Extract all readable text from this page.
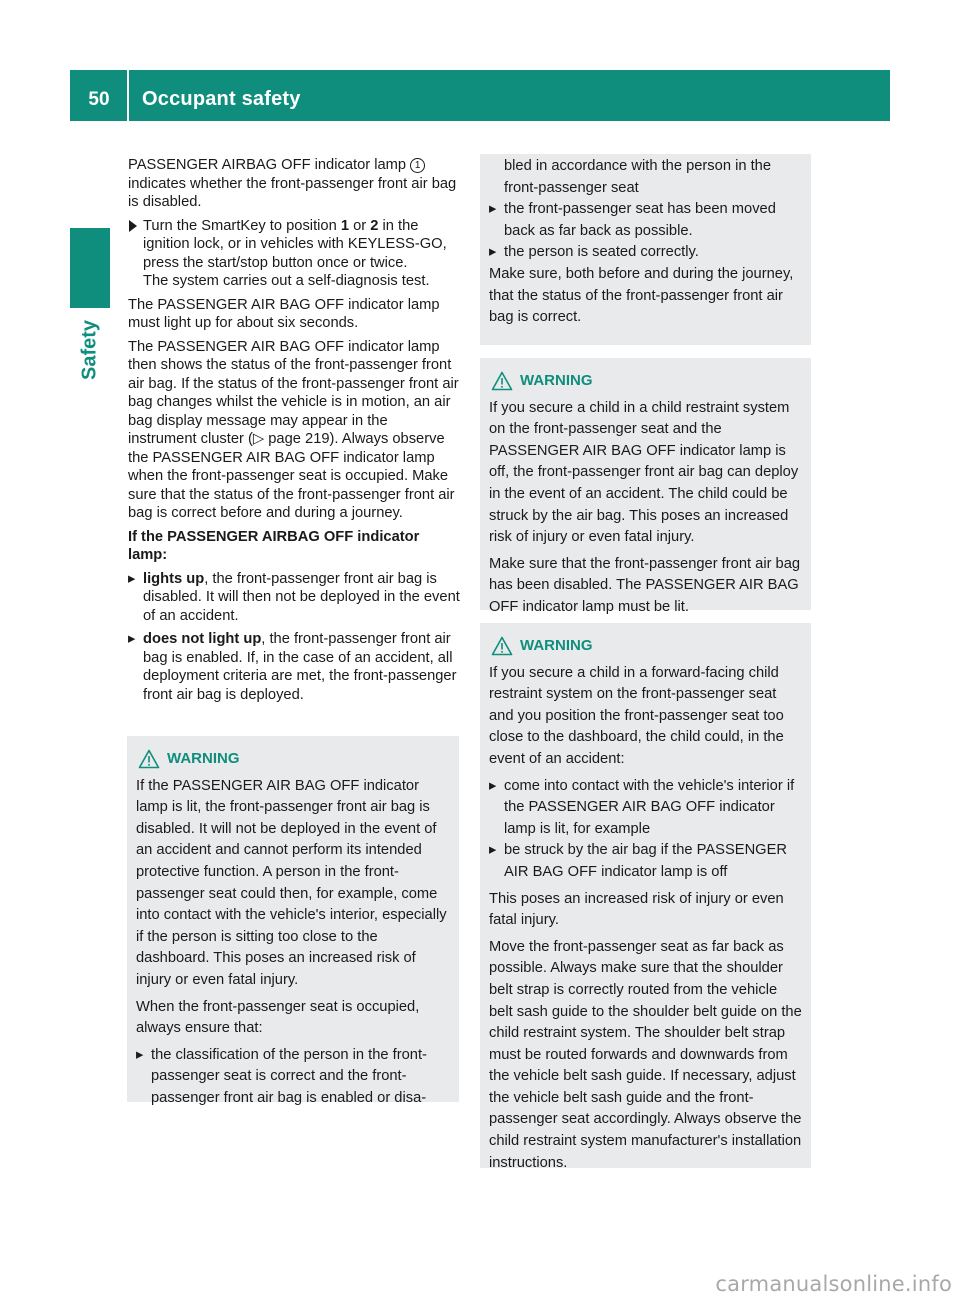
50	Occupant safety
Safety

PASSENGER AIRBAG OFF indicator lamp 1 indicates whether the front-passenger front air bag is disabled.

Turn the SmartKey to position 1 or 2 in the ignition lock, or in vehicles with KEYLESS-GO, press the start/stop button once or twice.
The system carries out a self-diagnosis test.

The PASSENGER AIR BAG OFF indicator lamp must light up for about six seconds.

The PASSENGER AIR BAG OFF indicator lamp then shows the status of the front-passenger front air bag. If the status of the front-passenger front air bag changes whilst the vehicle is in motion, an air bag display message may appear in the instrument cluster (▷ page 219). Always observe the PASSENGER AIR BAG OFF indicator lamp when the front-passenger seat is occupied. Make sure that the status of the front-passenger front air bag is correct before and during a journey.

If the PASSENGER AIRBAG OFF indicator lamp:
▸ lights up, the front-passenger front air bag is disabled. It will then not be deployed in the event of an accident.
▸ does not light up, the front-passenger front air bag is enabled. If, in the case of an accident, all deployment criteria are met, the front-passenger front air bag is deployed.
WARNING

If the PASSENGER AIR BAG OFF indicator lamp is lit, the front-passenger front air bag is disabled. It will not be deployed in the event of an accident and cannot perform its intended protective function. A person in the front-passenger seat could then, for example, come into contact with the vehicle's interior, especially if the person is sitting too close to the dashboard. This poses an increased risk of injury or even fatal injury.

When the front-passenger seat is occupied, always ensure that:

▸ the classification of the person in the front-passenger seat is correct and the front-passenger front air bag is enabled or disa-
bled in accordance with the person in the front-passenger seat
▸ the front-passenger seat has been moved back as far back as possible.
▸ the person is seated correctly.

Make sure, both before and during the journey, that the status of the front-passenger front air bag is correct.

WARNING

If you secure a child in a child restraint system on the front-passenger seat and the PASSENGER AIR BAG OFF indicator lamp is off, the front-passenger front air bag can deploy in the event of an accident. The child could be struck by the air bag. This poses an increased risk of injury or even fatal injury.

Make sure that the front-passenger front air bag has been disabled. The PASSENGER AIR BAG OFF indicator lamp must be lit.

WARNING

If you secure a child in a forward-facing child restraint system on the front-passenger seat and you position the front-passenger seat too close to the dashboard, the child could, in the event of an accident:

▸ come into contact with the vehicle's interior if the PASSENGER AIR BAG OFF indicator lamp is lit, for example
▸ be struck by the air bag if the PASSENGER AIR BAG OFF indicator lamp is off

This poses an increased risk of injury or even fatal injury.

Move the front-passenger seat as far back as possible. Always make sure that the shoulder belt strap is correctly routed from the vehicle belt sash guide to the shoulder belt guide on the child restraint system. The shoulder belt strap must be routed forwards and downwards from the vehicle belt sash guide. If necessary, adjust the vehicle belt sash guide and the front-passenger seat accordingly. Always observe the child restraint system manufacturer's installation instructions.

carmanualsonline.info
